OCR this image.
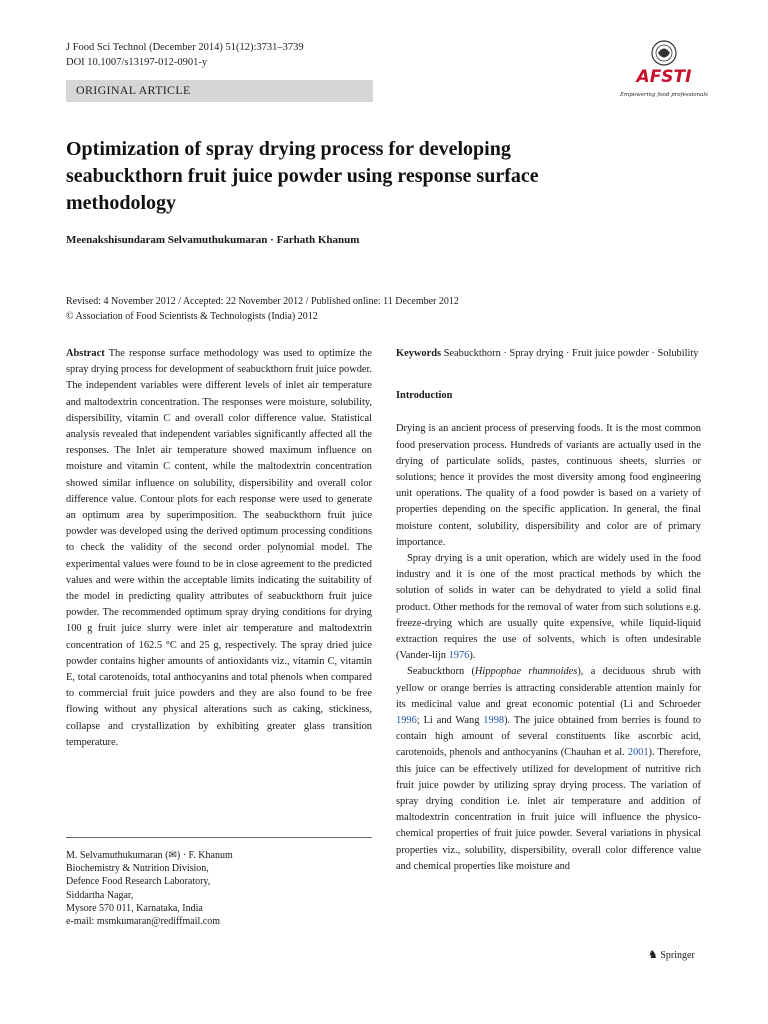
J Food Sci Technol (December 2014) 51(12):3731–3739
DOI 10.1007/s13197-012-0901-y
ORIGINAL ARTICLE
AFSTI
Empowering food professionals
Optimization of spray drying process for developing seabuckthorn fruit juice powder using response surface methodology
Meenakshisundaram Selvamuthukumaran · Farhath Khanum
Revised: 4 November 2012 / Accepted: 22 November 2012 / Published online: 11 December 2012
© Association of Food Scientists & Technologists (India) 2012

Abstract The response surface methodology was used to optimize the spray drying process for development of seabuckthorn fruit juice powder. The independent variables were different levels of inlet air temperature and maltodextrin concentration. The responses were moisture, solubility, dispersibility, vitamin C and overall color difference value. Statistical analysis revealed that independent variables significantly affected all the responses. The Inlet air temperature showed maximum influence on moisture and vitamin C content, while the maltodextrin concentration showed similar influence on solubility, dispersibility and overall color difference value. Contour plots for each response were used to generate an optimum area by superimposition. The seabuckthorn fruit juice powder was developed using the derived optimum processing conditions to check the validity of the second order polynomial model. The experimental values were found to be in close agreement to the predicted values and were within the acceptable limits indicating the suitability of the model in predicting quality attributes of seabuckthorn fruit juice powder. The recommended optimum spray drying conditions for drying 100 g fruit juice slurry were inlet air temperature and maltodextrin concentration of 162.5 °C and 25 g, respectively. The spray dried juice powder contains higher amounts of antioxidants viz., vitamin C, vitamin E, total carotenoids, total anthocyanins and total phenols when compared to commercial fruit juice powders and they are also found to be free flowing without any physical alterations such as caking, stickiness, collapse and crystallization by exhibiting greater glass transition temperature.

M. Selvamuthukumaran (✉) · F. Khanum
Biochemistry & Nutrition Division,
Defence Food Research Laboratory,
Siddartha Nagar,
Mysore 570 011, Karnataka, India
e-mail: msmkumaran@rediffmail.com

Keywords Seabuckthorn · Spray drying · Fruit juice powder · Solubility

Introduction

Drying is an ancient process of preserving foods. It is the most common food preservation process. Hundreds of variants are actually used in the drying of particulate solids, pastes, continuous sheets, slurries or solutions; hence it provides the most diversity among food engineering unit operations. The quality of a food powder is based on a variety of properties depending on the specific application. In general, the final moisture content, solubility, dispersibility and color are of primary importance.

Spray drying is a unit operation, which are widely used in the food industry and it is one of the most practical methods by which the solution of solids in water can be dehydrated to yield a solid final product. Other methods for the removal of water from such solutions e.g. freeze-drying which are usually quite expensive, while liquid-liquid extraction requires the use of solvents, which is often undesirable (Vander-lijn 1976).

Seabuckthorn (Hippophae rhamnoides), a deciduous shrub with yellow or orange berries is attracting considerable attention mainly for its medicinal value and great economic potential (Li and Schroeder 1996; Li and Wang 1998). The juice obtained from berries is found to contain high amount of several constituents like ascorbic acid, carotenoids, phenols and anthocyanins (Chauhan et al. 2001). Therefore, this juice can be effectively utilized for development of nutritive rich fruit juice powder by utilizing spray drying process. The variation of spray drying condition i.e. inlet air temperature and addition of maltodextrin concentration in fruit juice will influence the physico-chemical properties of fruit juice powder. Several variations in physical properties viz., solubility, dispersibility, overall color difference value and chemical properties like moisture and

♞ Springer
